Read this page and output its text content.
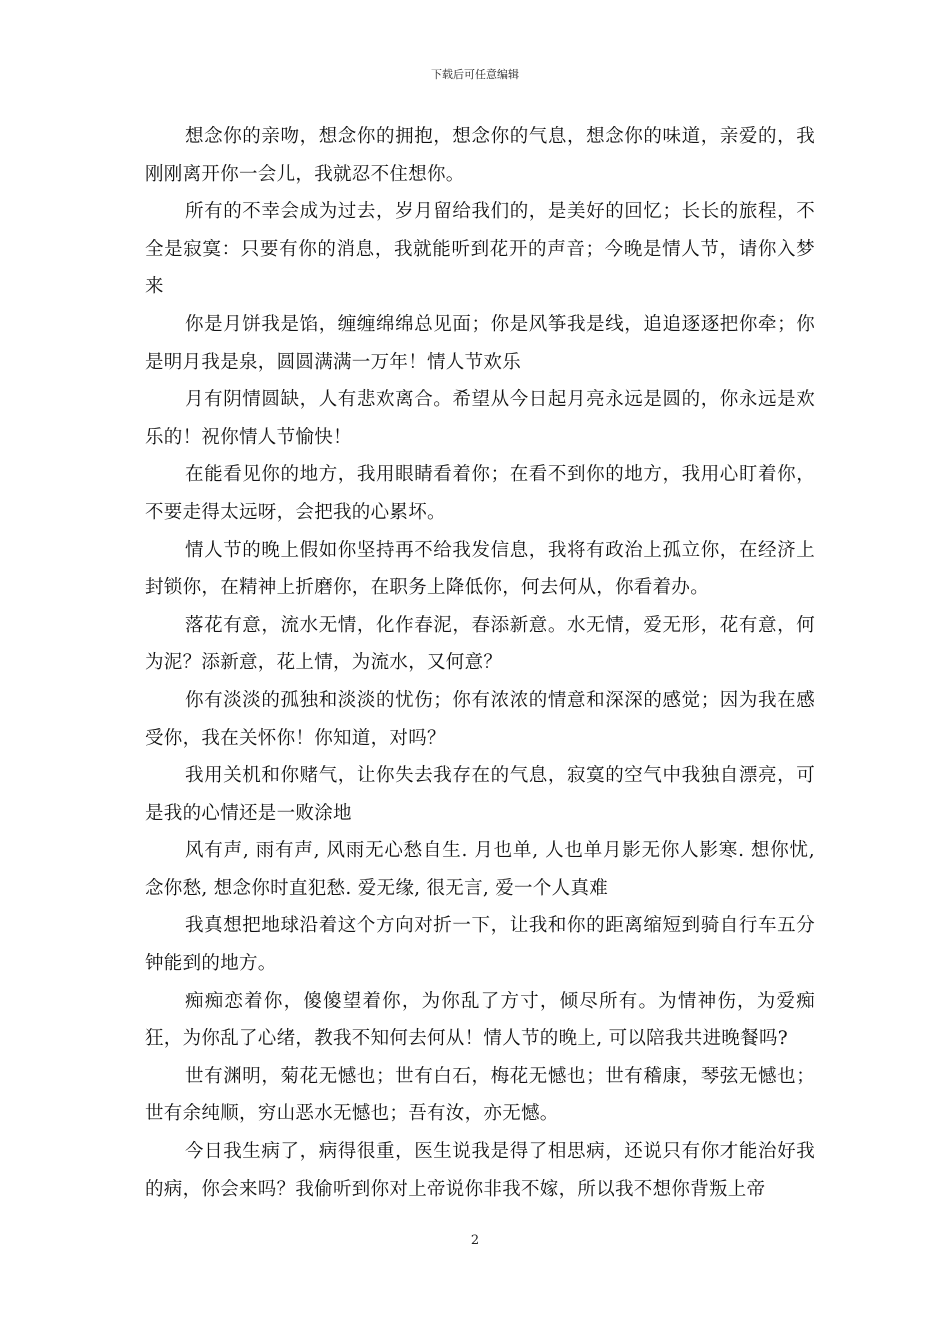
下载后可任意编辑

想念你的亲吻，想念你的拥抱，想念你的气息，想念你的味道，亲爱的，我刚刚离开你一会儿，我就忍不住想你。

所有的不幸会成为过去，岁月留给我们的，是美好的回忆；长长的旅程，不全是寂寞：只要有你的消息，我就能听到花开的声音；今晚是情人节，请你入梦来

你是月饼我是馅，缠缠绵绵总见面；你是风筝我是线，追追逐逐把你牵；你是明月我是泉，圆圆满满一万年！情人节欢乐

月有阴情圆缺，人有悲欢离合。希望从今日起月亮永远是圆的，你永远是欢乐的！祝你情人节愉快！

在能看见你的地方，我用眼睛看着你；在看不到你的地方，我用心盯着你，不要走得太远呀，会把我的心累坏。

情人节的晚上假如你坚持再不给我发信息，我将有政治上孤立你，在经济上封锁你，在精神上折磨你，在职务上降低你，何去何从，你看着办。

落花有意，流水无情，化作春泥，春添新意。水无情，爱无形，花有意，何为泥？添新意，花上情，为流水，又何意？

你有淡淡的孤独和淡淡的忧伤；你有浓浓的情意和深深的感觉；因为我在感受你，我在关怀你！你知道，对吗？

我用关机和你赌气，让你失去我存在的气息，寂寞的空气中我独自漂亮，可是我的心情还是一败涂地

风有声, 雨有声, 风雨无心愁自生. 月也单, 人也单月影无你人影寒. 想你忧, 念你愁, 想念你时直犯愁. 爱无缘, 很无言, 爱一个人真难

我真想把地球沿着这个方向对折一下，让我和你的距离缩短到骑自行车五分钟能到的地方。

痴痴恋着你，傻傻望着你，为你乱了方寸，倾尽所有。为情神伤，为爱痴狂，为你乱了心绪，教我不知何去何从！情人节的晚上, 可以陪我共进晚餐吗?

世有渊明，菊花无憾也；世有白石，梅花无憾也；世有稽康，琴弦无憾也；世有余纯顺，穷山恶水无憾也；吾有汝，亦无憾。

今日我生病了，病得很重，医生说我是得了相思病，还说只有你才能治好我的病，你会来吗？我偷听到你对上帝说你非我不嫁，所以我不想你背叛上帝

2
